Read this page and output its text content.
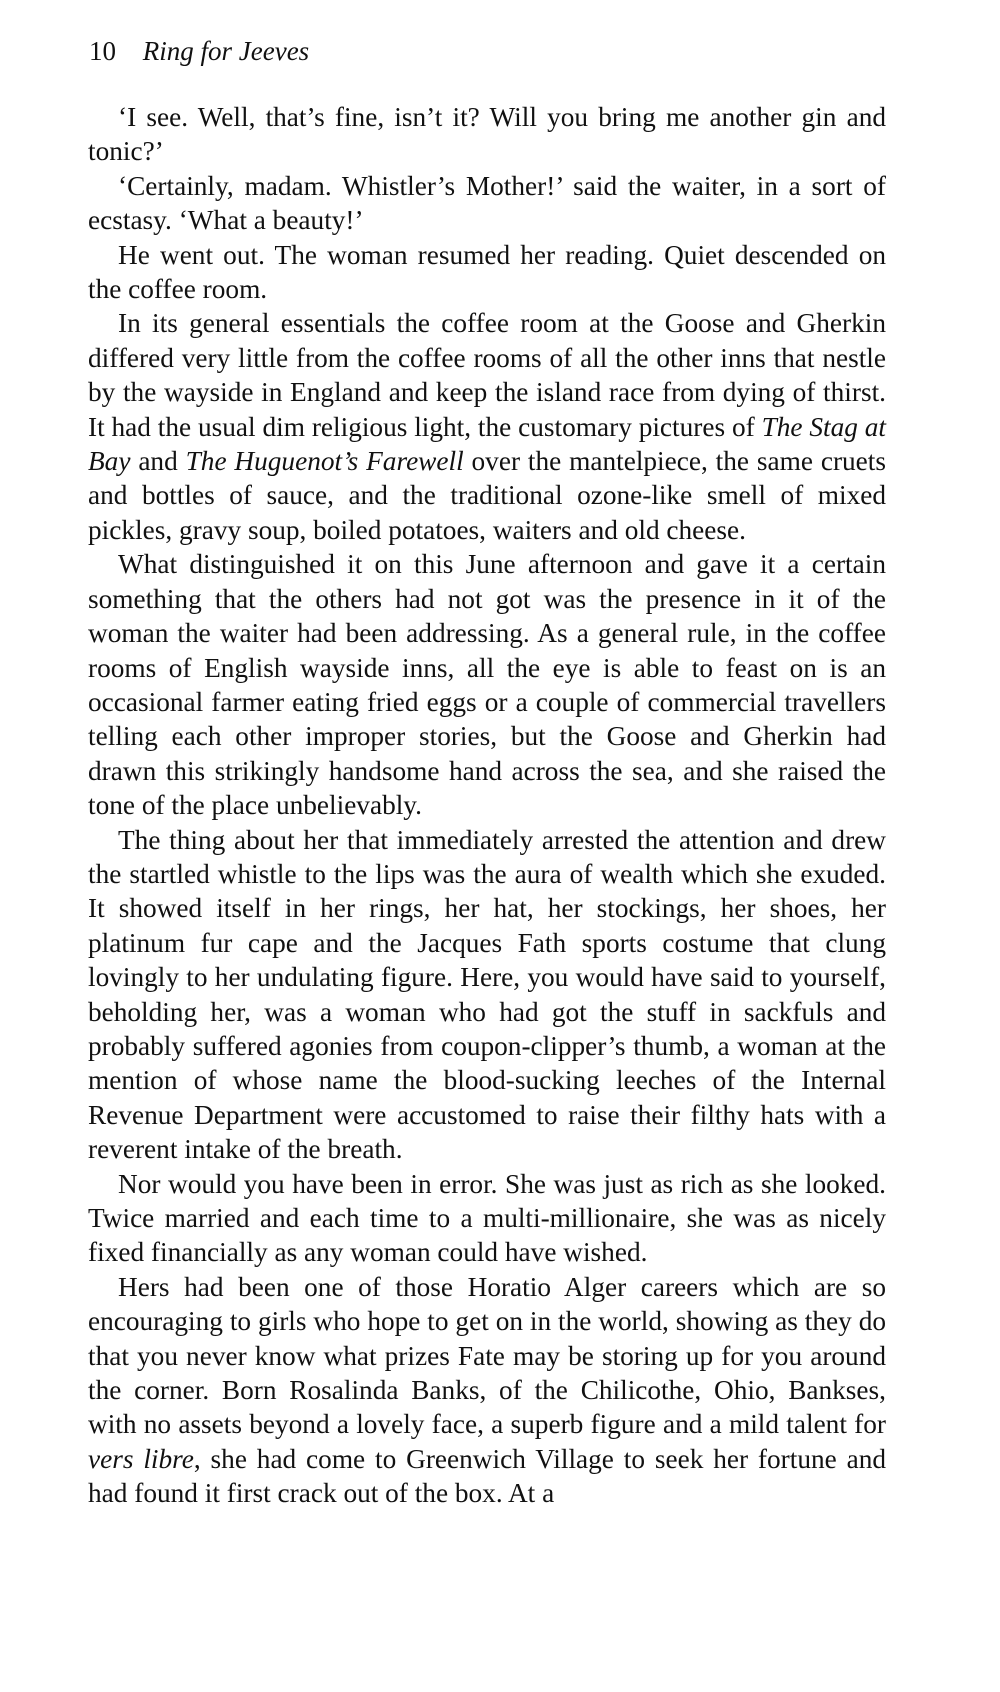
10 Ring for Jeeves

‘I see. Well, that’s fine, isn’t it? Will you bring me another gin and tonic?’

‘Certainly, madam. Whistler’s Mother!’ said the waiter, in a sort of ecstasy. ‘What a beauty!’

He went out. The woman resumed her reading. Quiet descended on the coffee room.

In its general essentials the coffee room at the Goose and Gherkin differed very little from the coffee rooms of all the other inns that nestle by the wayside in England and keep the island race from dying of thirst. It had the usual dim religious light, the customary pictures of The Stag at Bay and The Huguenot’s Farewell over the mantelpiece, the same cruets and bottles of sauce, and the traditional ozone-like smell of mixed pickles, gravy soup, boiled potatoes, waiters and old cheese.

What distinguished it on this June afternoon and gave it a certain something that the others had not got was the presence in it of the woman the waiter had been addressing. As a general rule, in the coffee rooms of English wayside inns, all the eye is able to feast on is an occasional farmer eating fried eggs or a couple of commercial travellers telling each other improper stories, but the Goose and Gherkin had drawn this strikingly handsome hand across the sea, and she raised the tone of the place unbelievably.

The thing about her that immediately arrested the attention and drew the startled whistle to the lips was the aura of wealth which she exuded. It showed itself in her rings, her hat, her stockings, her shoes, her platinum fur cape and the Jacques Fath sports costume that clung lovingly to her undulating figure. Here, you would have said to yourself, beholding her, was a woman who had got the stuff in sackfuls and probably suffered agonies from coupon-clipper’s thumb, a woman at the mention of whose name the blood-sucking leeches of the Internal Revenue Department were accustomed to raise their filthy hats with a reverent intake of the breath.

Nor would you have been in error. She was just as rich as she looked. Twice married and each time to a multi-millionaire, she was as nicely fixed financially as any woman could have wished.

Hers had been one of those Horatio Alger careers which are so encouraging to girls who hope to get on in the world, showing as they do that you never know what prizes Fate may be storing up for you around the corner. Born Rosalinda Banks, of the Chilicothe, Ohio, Bankses, with no assets beyond a lovely face, a superb figure and a mild talent for vers libre, she had come to Greenwich Village to seek her fortune and had found it first crack out of the box. At a
